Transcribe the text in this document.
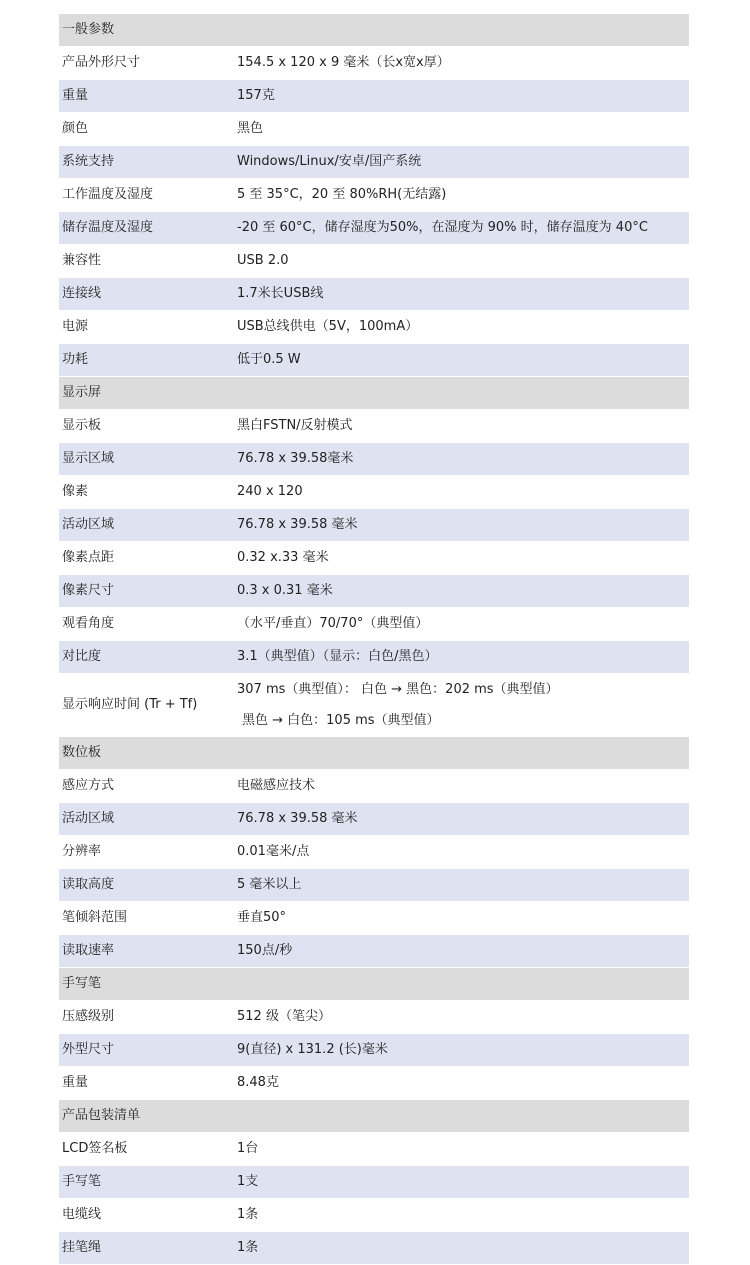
一般参数	
产品外形尺寸	154.5 x 120 x 9 毫米（长x宽x厚）
重量	157克
颜色	黑色
系统支持	Windows/Linux/安卓/国产系统
工作温度及湿度	5 至 35°C，20 至 80%RH(无结露)
储存温度及湿度	-20 至 60°C，储存湿度为50%，在湿度为 90% 时，储存温度为 40°C
兼容性	USB 2.0
连接线	1.7米长USB线
电源	USB总线供电（5V，100mA）
功耗	低于0.5 W
显示屏	
显示板	黑白FSTN/反射模式
显示区域	76.78 x 39.58毫米
像素	240 x 120
活动区域	76.78 x 39.58 毫米
像素点距	0.32 x.33 毫米
像素尺寸	0.3 x 0.31 毫米
观看角度	（水平/垂直）70/70°（典型值）
对比度	3.1（典型值）（显示：白色/黑色）
显示响应时间 (Tr + Tf)	307 ms（典型值）： 白色 → 黑色：202 ms（典型值）
黑色 → 白色：105 ms（典型值）

数位板	
感应方式	电磁感应技术
活动区域	76.78 x 39.58 毫米
分辨率	0.01毫米/点
读取高度	5 毫米以上
笔倾斜范围	垂直50°
读取速率	150点/秒
手写笔	
压感级别	512 级（笔尖）
外型尺寸	9(直径) x 131.2 (长)毫米
重量	8.48克
产品包装清单	
LCD签名板	1台
手写笔	1支
电缆线	1条
挂笔绳	1条
